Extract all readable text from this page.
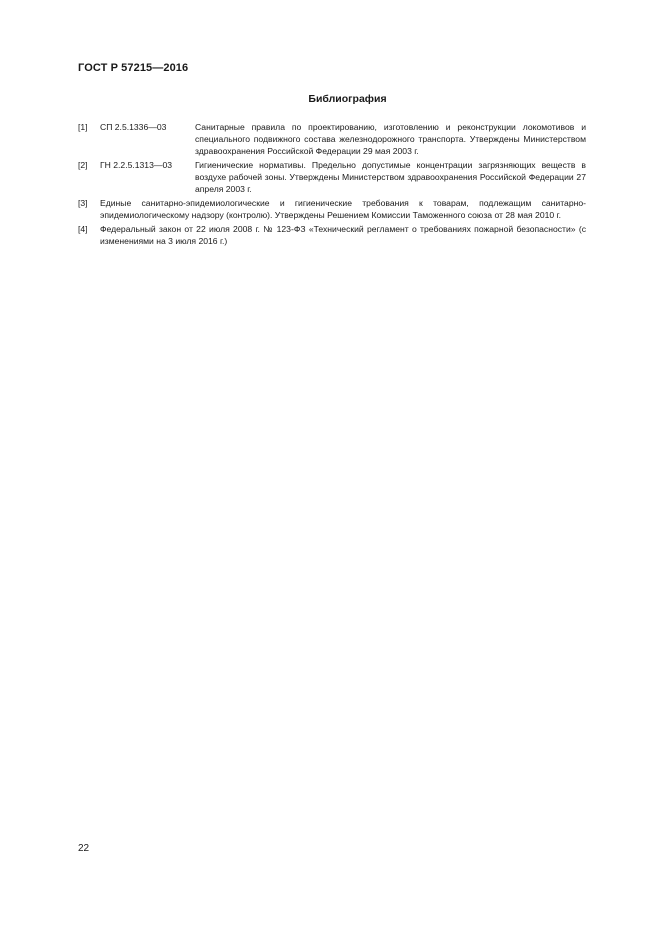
ГОСТ Р 57215—2016
Библиография
[1]	СП 2.5.1336—03	Санитарные правила по проектированию, изготовлению и реконструкции локомотивов и специального подвижного состава железнодорожного транспорта. Утверждены Министерством здравоохранения Российской Федерации 29 мая 2003 г.
[2]	ГН 2.2.5.1313—03	Гигиенические нормативы. Предельно допустимые концентрации загрязняющих веществ в воздухе рабочей зоны. Утверждены Министерством здравоохранения Российской Федерации 27 апреля 2003 г.
[3]	Единые санитарно-эпидемиологические и гигиенические требования к товарам, подлежащим санитарно-эпидемиологическому надзору (контролю). Утверждены Решением Комиссии Таможенного союза от 28 мая 2010 г.
[4]	Федеральный закон от 22 июля 2008 г. № 123-ФЗ «Технический регламент о требованиях пожарной безопасности» (с изменениями на 3 июля 2016 г.)
22
